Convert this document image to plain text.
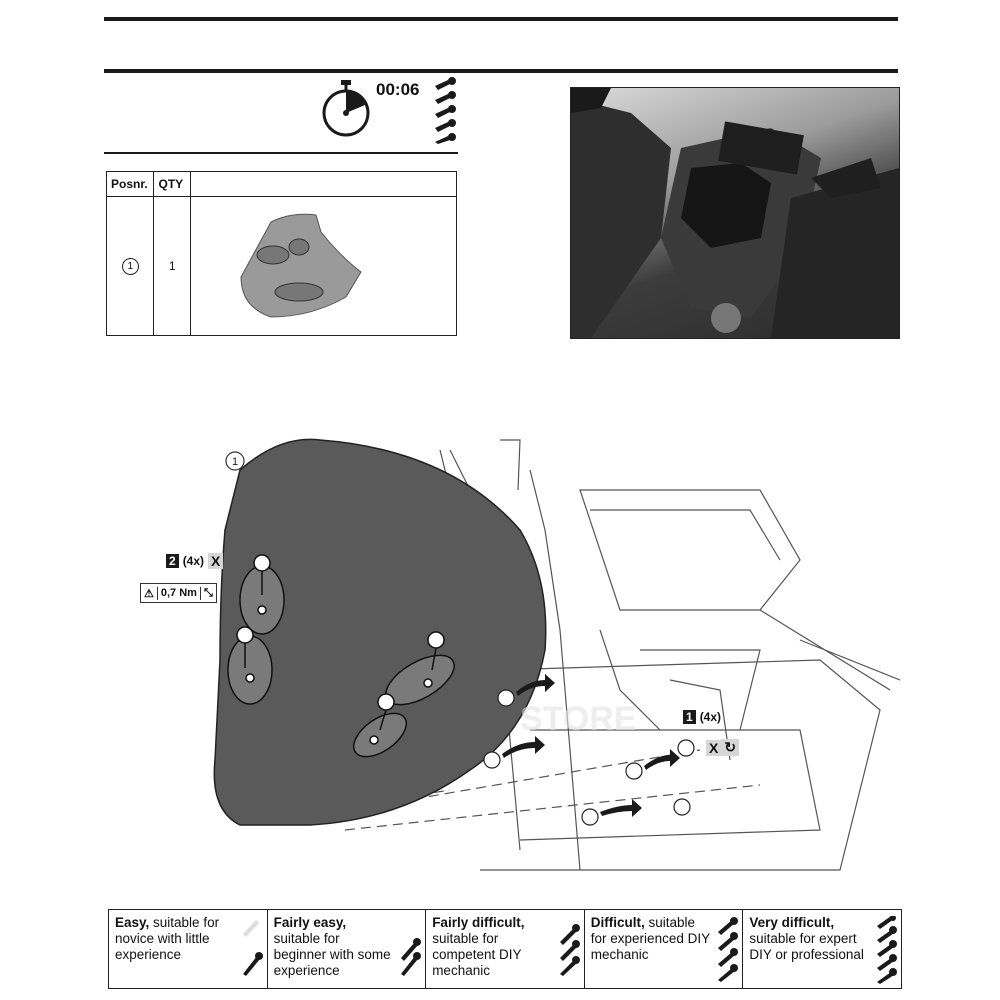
00:06
Posnr.	QTY	
1	1	
1
STORE
2 (4x) X
⚠ 0,7 Nm ⤡
1 (4x)
X ↻
Easy, suitable for novice with little experience
Fairly easy, suitable for beginner with some experience
Fairly difficult, suitable for competent DIY mechanic
Difficult, suitable for experienced DIY mechanic
Very difficult, suitable for expert DIY or professional
